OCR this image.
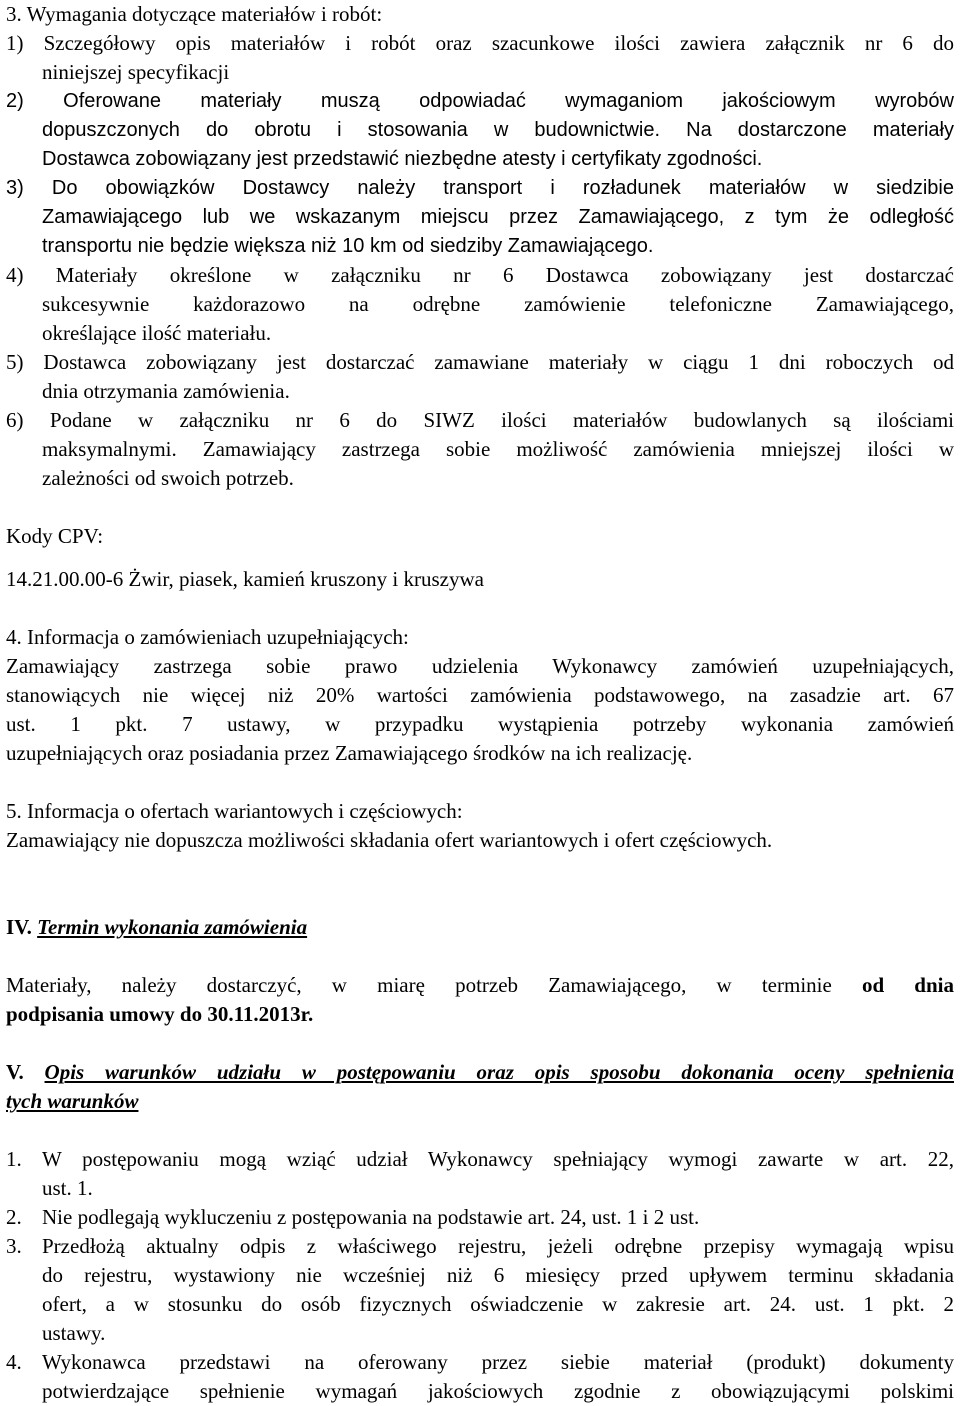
3. Wymagania dotyczące materiałów i robót:
1) Szczegółowy opis materiałów i robót oraz szacunkowe ilości zawiera załącznik nr 6 do
niniejszej specyfikacji
2) Oferowane materiały muszą odpowiadać wymaganiom jakościowym wyrobów
dopuszczonych do obrotu i stosowania w budownictwie. Na dostarczone materiały
Dostawca zobowiązany jest przedstawić niezbędne atesty i certyfikaty zgodności.
3) Do obowiązków Dostawcy należy transport i rozładunek materiałów w siedzibie
Zamawiającego lub we wskazanym miejscu przez Zamawiającego, z tym że odległość
transportu nie będzie większa niż 10 km od siedziby Zamawiającego.
4) Materiały określone w załączniku nr 6 Dostawca zobowiązany jest dostarczać
sukcesywnie każdorazowo na odrębne zamówienie telefoniczne Zamawiającego,
określające ilość materiału.
5) Dostawca zobowiązany jest dostarczać zamawiane materiały w ciągu 1 dni roboczych od
dnia otrzymania zamówienia.
6) Podane w załączniku nr 6 do SIWZ ilości materiałów budowlanych są ilościami
maksymalnymi. Zamawiający zastrzega sobie możliwość zamówienia mniejszej ilości w
zależności od swoich potrzeb.
Kody CPV:
14.21.00.00-6 Żwir, piasek, kamień kruszony i kruszywa
4. Informacja o zamówieniach uzupełniających:
Zamawiający zastrzega sobie prawo udzielenia Wykonawcy zamówień uzupełniających,
stanowiących nie więcej niż 20% wartości zamówienia podstawowego, na zasadzie art. 67
ust. 1 pkt. 7 ustawy, w przypadku wystąpienia potrzeby wykonania zamówień
uzupełniających oraz posiadania przez Zamawiającego środków na ich realizację.
5. Informacja o ofertach wariantowych i częściowych:
Zamawiający nie dopuszcza możliwości składania ofert wariantowych i ofert częściowych.
IV. Termin wykonania zamówienia
Materiały, należy dostarczyć, w miarę potrzeb Zamawiającego, w terminie od dnia
podpisania umowy do 30.11.2013r.
V. Opis warunków udziału w postępowaniu oraz opis sposobu dokonania oceny spełnienia
tych warunków
1. W postępowaniu mogą wziąć udział Wykonawcy spełniający wymogi zawarte w art. 22,
ust. 1.
2. Nie podlegają wykluczeniu z postępowania na podstawie art. 24, ust. 1 i 2 ust.
3. Przedłożą aktualny odpis z właściwego rejestru, jeżeli odrębne przepisy wymagają wpisu
do rejestru, wystawiony nie wcześniej niż 6 miesięcy przed upływem terminu składania
ofert, a w stosunku do osób fizycznych oświadczenie w zakresie art. 24. ust. 1 pkt. 2
ustawy.
4. Wykonawca przedstawi na oferowany przez siebie materiał (produkt) dokumenty
potwierdzające spełnienie wymagań jakościowych zgodnie z obowiązującymi polskimi
